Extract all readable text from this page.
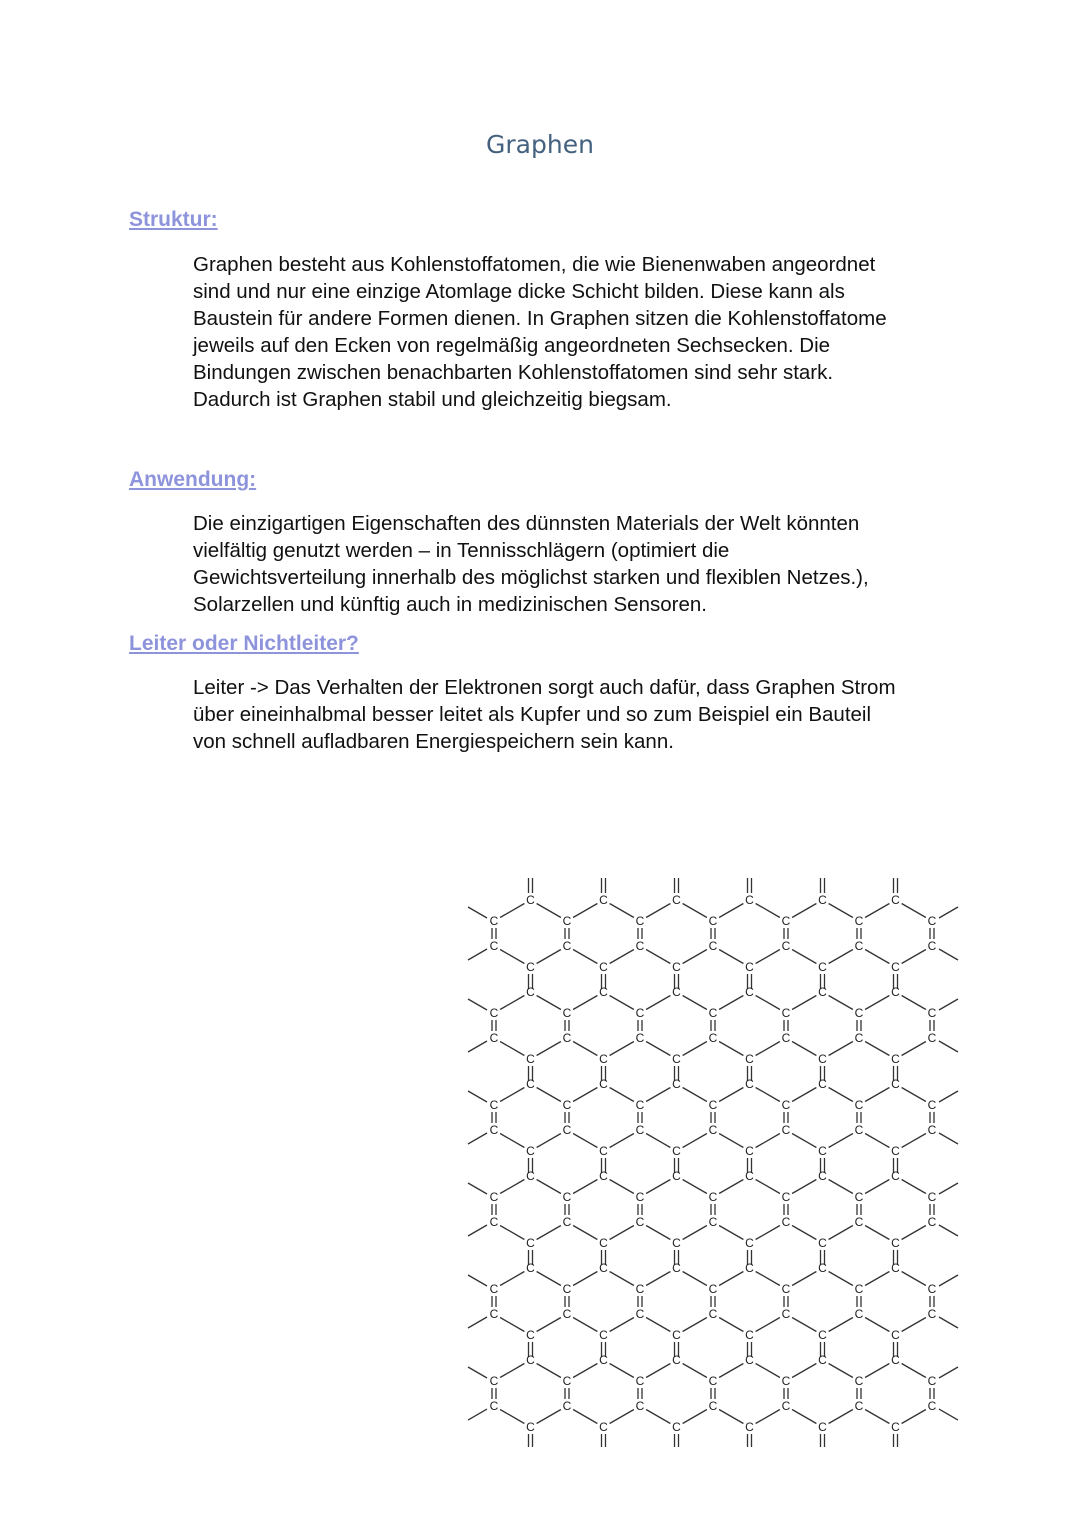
Graphen
Struktur:

Graphen besteht aus Kohlenstoffatomen, die wie Bienenwaben angeordnet
sind und nur eine einzige Atomlage dicke Schicht bilden. Diese kann als
Baustein für andere Formen dienen. In Graphen sitzen die Kohlenstoffatome
jeweils auf den Ecken von regelmäßig angeordneten Sechsecken. Die
Bindungen zwischen benachbarten Kohlenstoffatomen sind sehr stark.
Dadurch ist Graphen stabil und gleichzeitig biegsam.

Anwendung:

Die einzigartigen Eigenschaften des dünnsten Materials der Welt könnten
vielfältig genutzt werden – in Tennisschlägern (optimiert die
Gewichtsverteilung innerhalb des möglichst starken und flexiblen Netzes.),
Solarzellen und künftig auch in medizinischen Sensoren.

Leiter oder Nichtleiter?

Leiter -> Das Verhalten der Elektronen sorgt auch dafür, dass Graphen Strom
über eineinhalbmal besser leitet als Kupfer und so zum Beispiel ein Bauteil
von schnell aufladbaren Energiespeichern sein kann.

C
C
C
C
C
C
C
C
C
C
C
C
C
C
C
C
C
C
C
C
C
C
C
C
C
C
C
C
C
C
C
C
C
C
C
C
C
C
C
C
C
C
C
C
C
C
C
C
C
C
C
C
C
C
C
C
C
C
C
C
C
C
C
C
C
C
C
C
C
C
C
C
C
C
C
C
C
C
C
C
C
C
C
C
C
C
C
C
C
C
C
C
C
C
C
C
C
C
C
C
C
C
C
C
C
C
C
C
C
C
C
C
C
C
C
C
C
C
C
C
C
C
C
C
C
C
C
C
C
C
C
C
C
C
C
C
C
C
C
C
C
C
C
C
C
C
C
C
C
C
C
C
C
C
C
C
